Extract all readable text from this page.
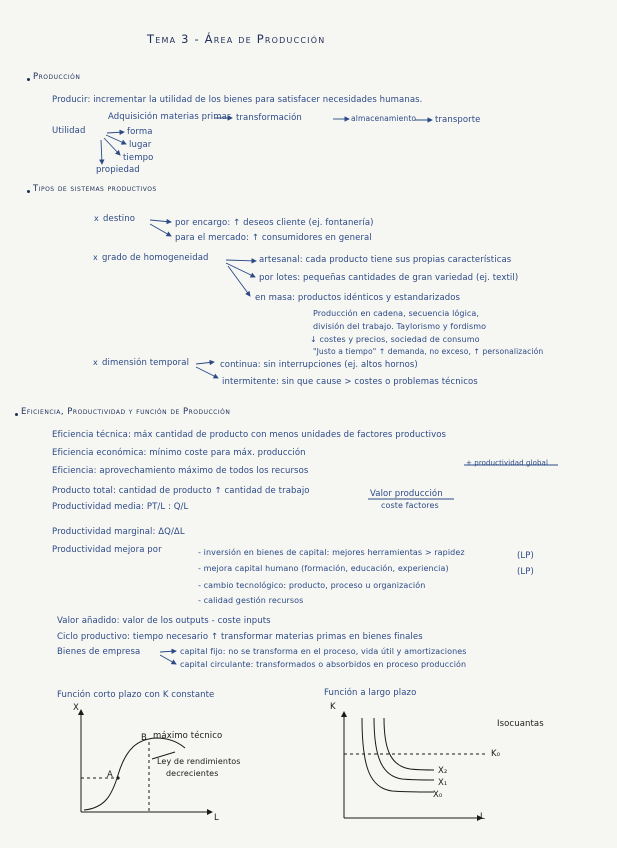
Tema 3 - Área de Producción
Producción
Producir: incrementar la utilidad de los bienes para satisfacer necesidades humanas.
Adquisición materias primas transformación	almacenamiento transporte
Utilidad	forma
lugar
tiempo
propiedad
Tipos de sistemas productivos
x destino	por encargo: ↑ deseos cliente (ej. fontanería)
para el mercado: ↑ consumidores en general
x grado de homogeneidad	artesanal: cada producto tiene sus propias características
por lotes: pequeñas cantidades de gran variedad (ej. textil)
en masa: productos idénticos y estandarizados
Producción en cadena, secuencia lógica,
división del trabajo. Taylorismo y fordismo
↓ costes y precios, sociedad de consumo
"Justo a tiempo" ↑ demanda, no exceso, ↑ personalización
x dimensión temporal	continua: sin interrupciones (ej. altos hornos)
intermitente: sin que cause > costes o problemas técnicos
Eficiencia, Productividad y función de Producción
Eficiencia técnica: máx cantidad de producto con menos unidades de factores productivos
Eficiencia económica: mínimo coste para máx. producción
Eficiencia: aprovechamiento máximo de todos los recursos
+ productividad global
Producto total: cantidad de producto ↑ cantidad de trabajo	Valor producción
coste factores
Productividad media: PT/L : Q/L
Productividad marginal: ΔQ/ΔL
Productividad mejora por	- inversión en bienes de capital: mejores herramientas > rapidez
- mejora capital humano (formación, educación, experiencia)
- cambio tecnológico: producto, proceso u organización
- calidad gestión recursos
(LP)
(LP)
Valor añadido: valor de los outputs - coste inputs
Ciclo productivo: tiempo necesario ↑ transformar materias primas en bienes finales
Bienes de empresa	capital fijo: no se transforma en el proceso, vida útil y amortizaciones
capital circulante: transformados o absorbidos en proceso producción
Función corto plazo con K constante
X
L
A
B máximo técnico
Ley de rendimientos
decrecientes
Función a largo plazo
K
L
Isocuantas
K₀
X₂
X₁
X₀
